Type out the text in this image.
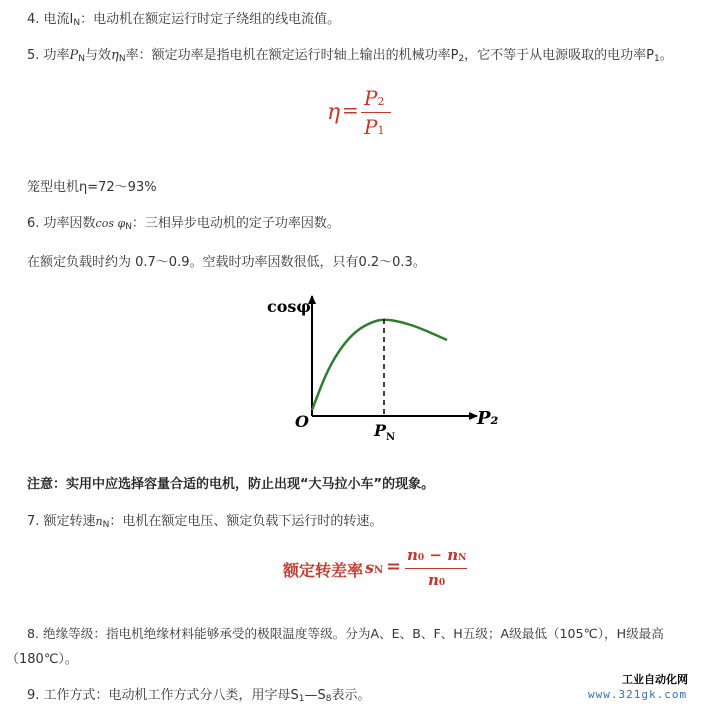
4. 电流$I_N$：电动机在额定运行时定子绕组的线电流值。
5. 功率$P_N$与效$\eta_N$率：额定功率是指电机在额定运行时轴上输出的机械功率$P_2$，它不等于从电源吸取的电功率$P_1$。
η = P2
P1
笼型电机η=72～93%
6. 功率因数$\cos \varphi_N$：三相异步电动机的定子功率因数。
在额定负载时约为 0.7～0.9。空载时功率因数很低，只有0.2～0.3。
cosφ
P₂
O	$P_N$
注意：实用中应选择容量合适的电机，防止出现“大马拉小车”的现象。
7. 额定转速$n_N$：电机在额定电压、额定负载下运行时的转速。
额定转差率 sN =
n0 − nN
n0
8. 绝缘等级：指电机绝缘材料能够承受的极限温度等级。分为A、E、B、F、H五级；A级最低（105℃），H级最高
（180℃）。
9. 工作方式：电动机工作方式分八类，用字母$S_1—S_8$表示。
工业自动化网
www.321gk.com
